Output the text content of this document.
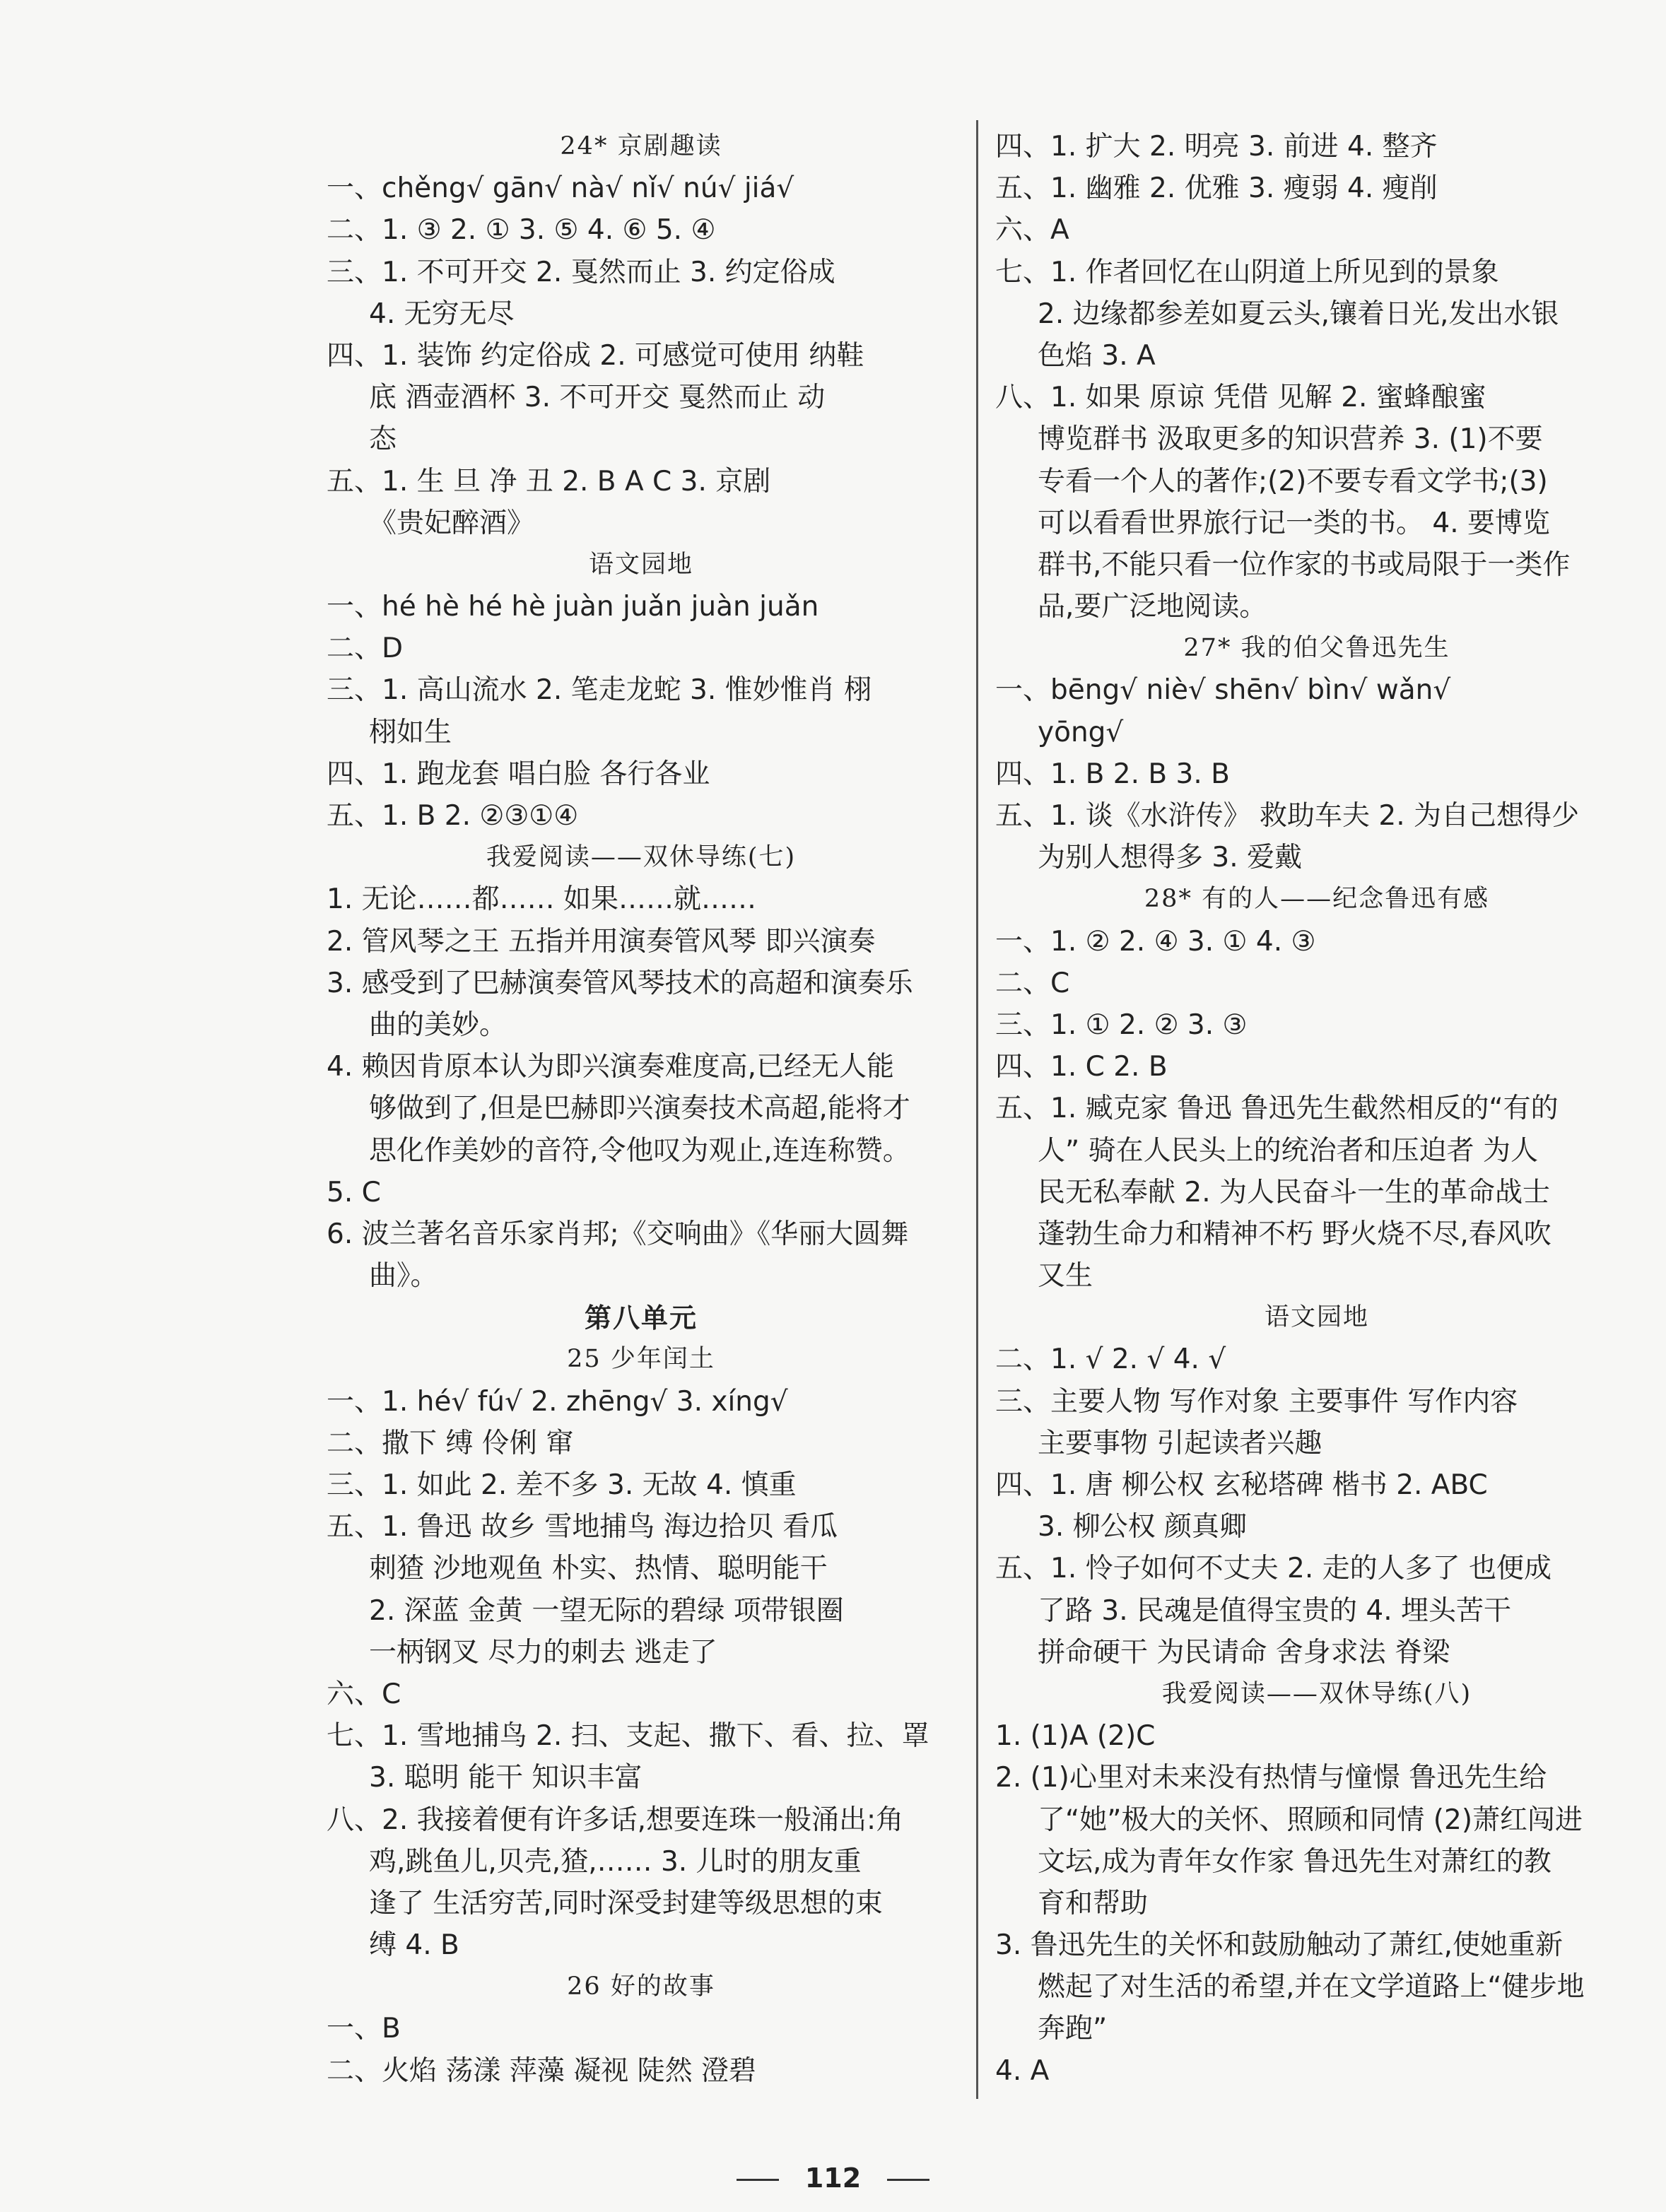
24* 京剧趣读
一、chěng√ gān√ nà√ nǐ√ nú√ jiá√
二、1. ③ 2. ① 3. ⑤ 4. ⑥ 5. ④
三、1. 不可开交 2. 戛然而止 3. 约定俗成
4. 无穷无尽
四、1. 装饰 约定俗成 2. 可感觉可使用 纳鞋
底 酒壶酒杯 3. 不可开交 戛然而止 动
态
五、1. 生 旦 净 丑 2. B A C 3. 京剧
《贵妃醉酒》
语文园地
一、hé hè hé hè juàn juǎn juàn juǎn
二、D
三、1. 高山流水 2. 笔走龙蛇 3. 惟妙惟肖 栩
栩如生
四、1. 跑龙套 唱白脸 各行各业
五、1. B 2. ②③①④
我爱阅读——双休导练(七)
1. 无论……都…… 如果……就……
2. 管风琴之王 五指并用演奏管风琴 即兴演奏
3. 感受到了巴赫演奏管风琴技术的高超和演奏乐
曲的美妙。
4. 赖因肯原本认为即兴演奏难度高,已经无人能
够做到了,但是巴赫即兴演奏技术高超,能将才
思化作美妙的音符,令他叹为观止,连连称赞。
5. C
6. 波兰著名音乐家肖邦;《交响曲》《华丽大圆舞
曲》。
第八单元
25 少年闰土
一、1. hé√ fú√ 2. zhēng√ 3. xíng√
二、撒下 缚 伶俐 窜
三、1. 如此 2. 差不多 3. 无故 4. 慎重
五、1. 鲁迅 故乡 雪地捕鸟 海边拾贝 看瓜
刺猹 沙地观鱼 朴实、热情、聪明能干
2. 深蓝 金黄 一望无际的碧绿 项带银圈
一柄钢叉 尽力的刺去 逃走了
六、C
七、1. 雪地捕鸟 2. 扫、支起、撒下、看、拉、罩
3. 聪明 能干 知识丰富
八、2. 我接着便有许多话,想要连珠一般涌出:角
鸡,跳鱼儿,贝壳,猹,…… 3. 儿时的朋友重
逢了 生活穷苦,同时深受封建等级思想的束
缚 4. B
26 好的故事
一、B
二、火焰 荡漾 萍藻 凝视 陡然 澄碧
四、1. 扩大 2. 明亮 3. 前进 4. 整齐
五、1. 幽雅 2. 优雅 3. 瘦弱 4. 瘦削
六、A
七、1. 作者回忆在山阴道上所见到的景象
2. 边缘都参差如夏云头,镶着日光,发出水银
色焰 3. A
八、1. 如果 原谅 凭借 见解 2. 蜜蜂酿蜜
博览群书 汲取更多的知识营养 3. (1)不要
专看一个人的著作;(2)不要专看文学书;(3)
可以看看世界旅行记一类的书。 4. 要博览
群书,不能只看一位作家的书或局限于一类作
品,要广泛地阅读。
27* 我的伯父鲁迅先生
一、bēng√ niè√ shēn√ bìn√ wǎn√
yōng√
四、1. B 2. B 3. B
五、1. 谈《水浒传》 救助车夫 2. 为自己想得少
为别人想得多 3. 爱戴
28* 有的人——纪念鲁迅有感
一、1. ② 2. ④ 3. ① 4. ③
二、C
三、1. ① 2. ② 3. ③
四、1. C 2. B
五、1. 臧克家 鲁迅 鲁迅先生截然相反的“有的
人” 骑在人民头上的统治者和压迫者 为人
民无私奉献 2. 为人民奋斗一生的革命战士
蓬勃生命力和精神不朽 野火烧不尽,春风吹
又生
语文园地
二、1. √ 2. √ 4. √
三、主要人物 写作对象 主要事件 写作内容
主要事物 引起读者兴趣
四、1. 唐 柳公权 玄秘塔碑 楷书 2. ABC
3. 柳公权 颜真卿
五、1. 怜子如何不丈夫 2. 走的人多了 也便成
了路 3. 民魂是值得宝贵的 4. 埋头苦干
拼命硬干 为民请命 舍身求法 脊梁
我爱阅读——双休导练(八)
1. (1)A (2)C
2. (1)心里对未来没有热情与憧憬 鲁迅先生给
了“她”极大的关怀、照顾和同情 (2)萧红闯进
文坛,成为青年女作家 鲁迅先生对萧红的教
育和帮助
3. 鲁迅先生的关怀和鼓励触动了萧红,使她重新
燃起了对生活的希望,并在文学道路上“健步地
奔跑”
4. A
112
